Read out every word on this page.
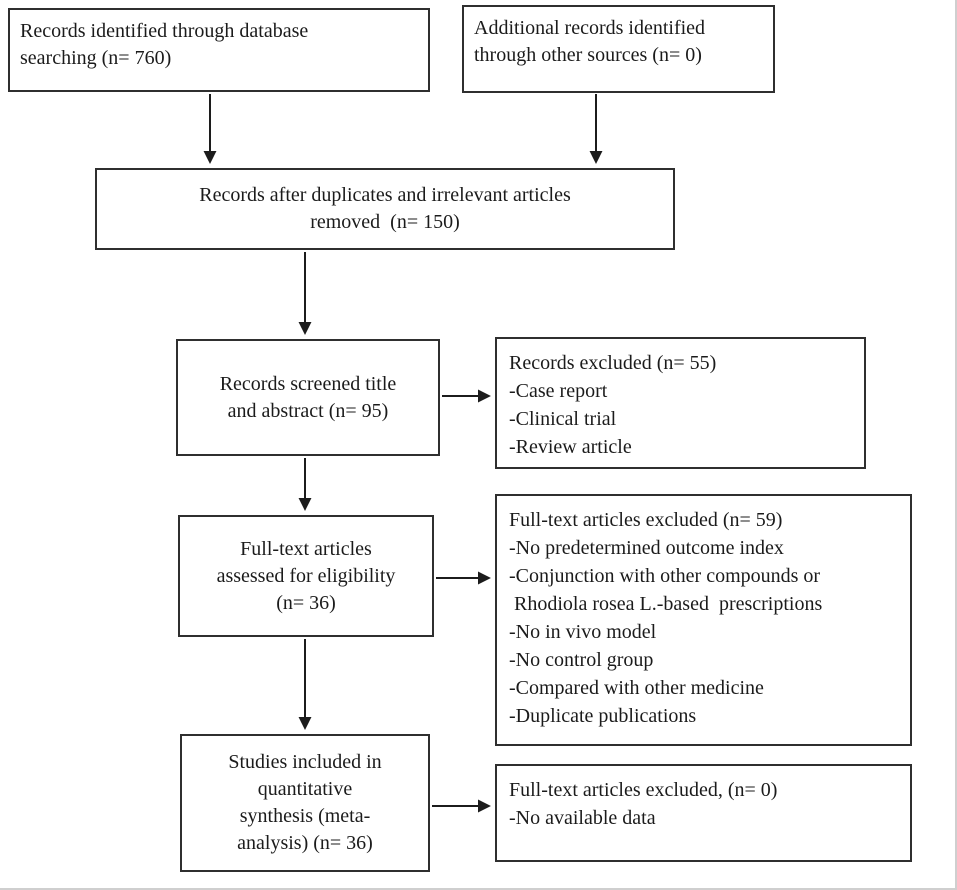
Records identified through database
searching (n= 760)
Additional records identified
through other sources (n= 0)
Records after duplicates and irrelevant articles
removed  (n= 150)
Records screened title
and abstract (n= 95)
Records excluded (n= 55)
-Case report
-Clinical trial
-Review article
Full-text articles
assessed for eligibility
(n= 36)
Full-text articles excluded (n= 59)
-No predetermined outcome index
-Conjunction with other compounds or
Rhodiola rosea L.-based  prescriptions
-No in vivo model
-No control group
-Compared with other medicine
-Duplicate publications
Studies included in
quantitative
synthesis (meta-
analysis) (n= 36)
Full-text articles excluded, (n= 0)
-No available data
